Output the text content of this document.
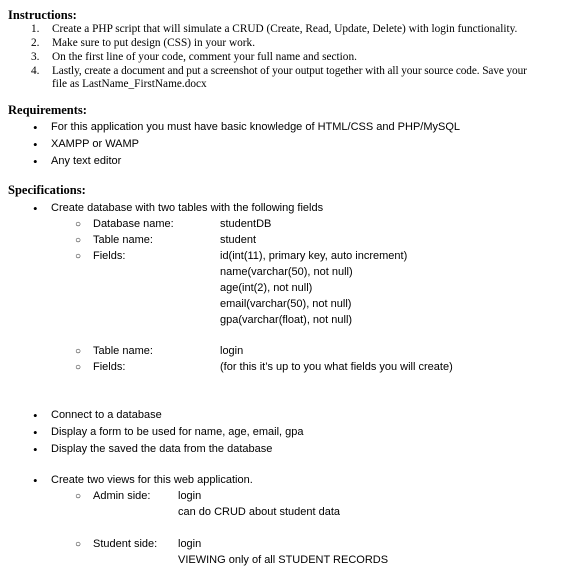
Instructions:
1. Create a PHP script that will simulate a CRUD (Create, Read, Update, Delete) with login functionality.
2. Make sure to put design (CSS) in your work.
3. On the first line of your code, comment your full name and section.
4. Lastly, create a document and put a screenshot of your output together with all your source code. Save your
file as LastName_FirstName.docx
Requirements:
• For this application you must have basic knowledge of HTML/CSS and PHP/MySQL
• XAMPP or WAMP
• Any text editor
Specifications:
• Create database with two tables with the following fields
○ Database name:	studentDB
○ Table name:	student
○ Fields:	id(int(11), primary key, auto increment)
name(varchar(50), not null)
age(int(2), not null)
email(varchar(50), not null)
gpa(varchar(float), not null)
○ Table name:	login
○ Fields:	(for this it’s up to you what fields you will create)
• Connect to a database
• Display a form to be used for name, age, email, gpa
• Display the saved the data from the database
• Create two views for this web application.
○ Admin side:	login
can do CRUD about student data
○ Student side: login
VIEWING only of all STUDENT RECORDS
